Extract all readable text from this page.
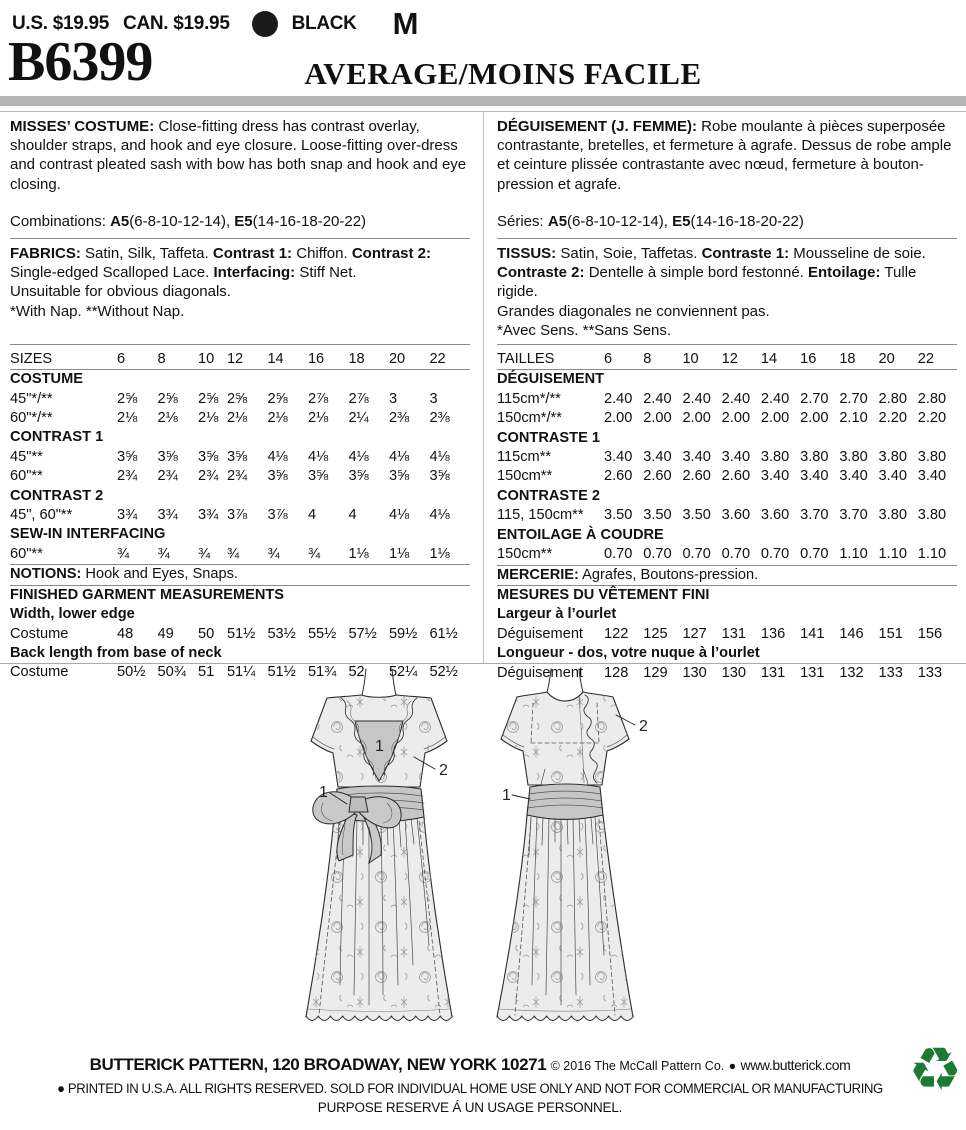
U.S. $19.95 CAN. $19.95	BLACK M
B6399	AVERAGE/MOINS FACILE

MISSES’ COSTUME: Close-fitting dress has contrast overlay, shoulder straps, and hook and eye closure. Loose-fitting over-dress and contrast pleated sash with bow has both snap and hook and eye closing.

Combinations: A5(6-8-10-12-14), E5(14-16-18-20-22)

FABRICS: Satin, Silk, Taffeta. Contrast 1: Chiffon. Contrast 2: Single-edged Scalloped Lace. Interfacing: Stiff Net.

Unsuitable for obvious diagonals.

*With Nap. **Without Nap.

SIZES	6	8	10	12	14	16	18	20	22
COSTUME									
45"*/**	2⅝	2⅝	2⅝	2⅝	2⅝	2⅞	2⅞	3	3
60"*/**	2⅛	2⅛	2⅛	2⅛	2⅛	2⅛	2¼	2⅜	2⅜
CONTRAST 1									
45"**	3⅝	3⅝	3⅝	3⅝	4⅛	4⅛	4⅛	4⅛	4⅛
60"**	2¾	2¾	2¾	2¾	3⅝	3⅝	3⅝	3⅝	3⅝
CONTRAST 2									
45", 60"**	3¾	3¾	3¾	3⅞	3⅞	4	4	4⅛	4⅛
SEW-IN INTERFACING									
60"**	¾	¾	¾	¾	¾	¾	1⅛	1⅛	1⅛
NOTIONS: Hook and Eyes, Snaps.									
FINISHED GARMENT MEASUREMENTS									
Width, lower edge									
Costume	48	49	50	51½	53½	55½	57½	59½	61½
Back length from base of neck									
Costume	50½	50¾	51	51¼	51½	51¾	52	52¼	52½

DÉGUISEMENT (J. FEMME): Robe moulante à pièces superposée contrastante, bretelles, et fermeture à agrafe. Dessus de robe ample et ceinture plissée contrastante avec nœud, fermeture à bouton-pression et agrafe.

Séries: A5(6-8-10-12-14), E5(14-16-18-20-22)

TISSUS: Satin, Soie, Taffetas. Contraste 1: Mousseline de soie. Contraste 2: Dentelle à simple bord festonné. Entoilage: Tulle rigide.

Grandes diagonales ne conviennent pas.

*Avec Sens. **Sans Sens.

TAILLES	6	8	10	12	14	16	18	20	22
DÉGUISEMENT									
115cm*/**	2.40	2.40	2.40	2.40	2.40	2.70	2.70	2.80	2.80
150cm*/**	2.00	2.00	2.00	2.00	2.00	2.00	2.10	2.20	2.20
CONTRASTE 1									
115cm**	3.40	3.40	3.40	3.40	3.80	3.80	3.80	3.80	3.80
150cm**	2.60	2.60	2.60	2.60	3.40	3.40	3.40	3.40	3.40
CONTRASTE 2									
115, 150cm**	3.50	3.50	3.50	3.60	3.60	3.70	3.70	3.80	3.80
ENTOILAGE À COUDRE									
150cm**	0.70	0.70	0.70	0.70	0.70	0.70	1.10	1.10	1.10
MERCERIE: Agrafes, Boutons-pression.									
MESURES DU VÊTEMENT FINI									
Largeur à l’ourlet									
Déguisement	122	125	127	131	136	141	146	151	156
Longueur - dos, votre nuque à l’ourlet									
Déguisement	128	129	130	130	131	131	132	133	133
1
1
2
1
2
BUTTERICK PATTERN, 120 BROADWAY, NEW YORK 10271 © 2016 The McCall Pattern Co. ● www.butterick.com
● PRINTED IN U.S.A. ALL RIGHTS RESERVED. SOLD FOR INDIVIDUAL HOME USE ONLY AND NOT FOR COMMERCIAL OR MANUFACTURING
PURPOSE RESERVE Á UN USAGE PERSONNEL.
♻
